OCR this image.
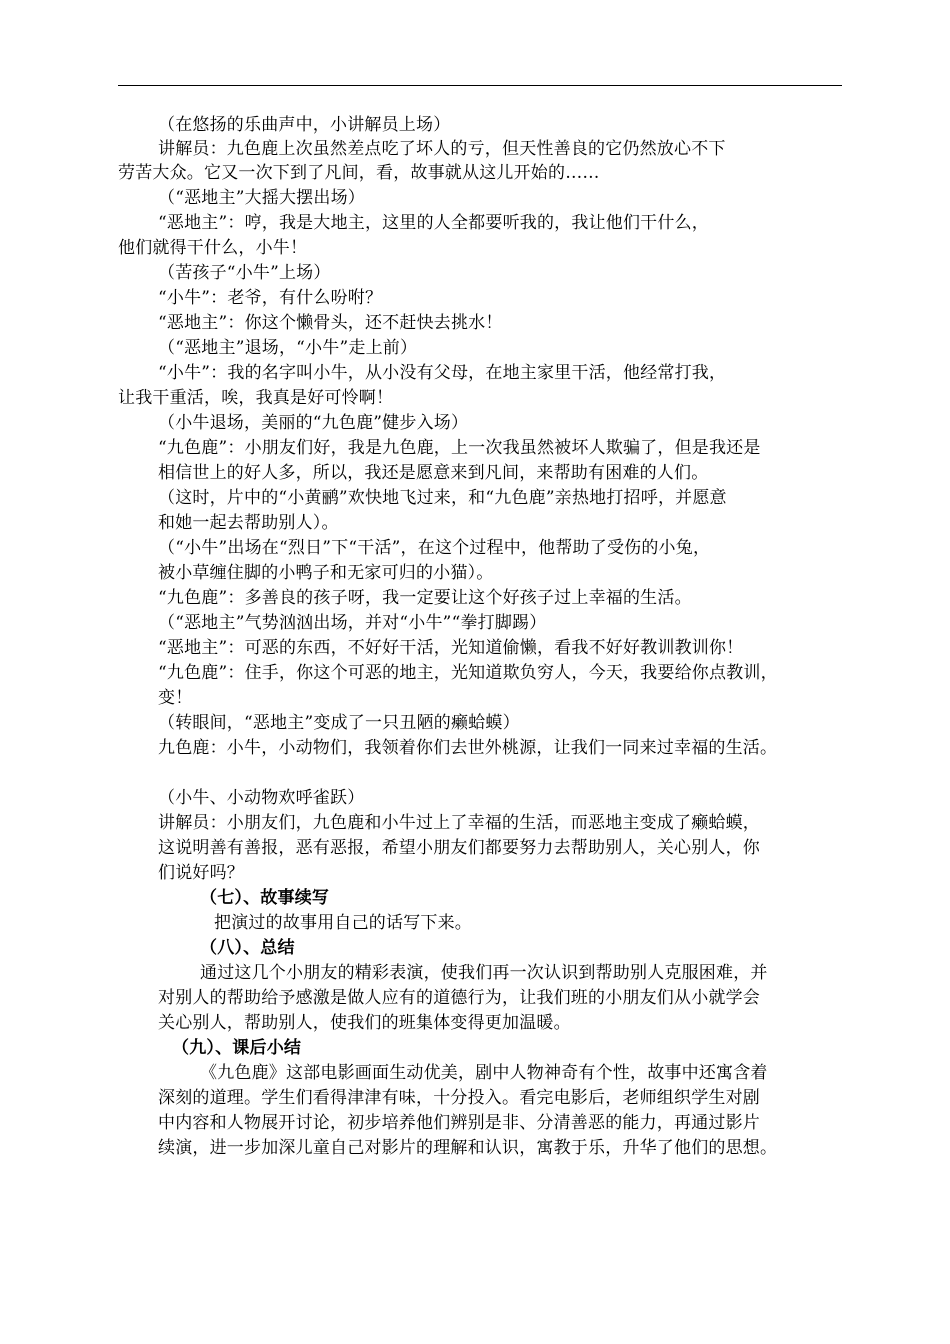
（在悠扬的乐曲声中，小讲解员上场）
讲解员：九色鹿上次虽然差点吃了坏人的亏，但天性善良的它仍然放心不下
劳苦大众。它又一次下到了凡间，看，故事就从这儿开始的……
（“恶地主”大摇大摆出场）
“恶地主”：哼，我是大地主，这里的人全都要听我的，我让他们干什么，
他们就得干什么，小牛！
（苦孩子“小牛”上场）
“小牛”：老爷，有什么吩咐？
“恶地主”：你这个懒骨头，还不赶快去挑水！
（“恶地主”退场，“小牛”走上前）
“小牛”：我的名字叫小牛，从小没有父母，在地主家里干活，他经常打我，
让我干重活，唉，我真是好可怜啊！
（小牛退场，美丽的“九色鹿”健步入场）
“九色鹿”：小朋友们好，我是九色鹿，上一次我虽然被坏人欺骗了，但是我还是
相信世上的好人多，所以，我还是愿意来到凡间，来帮助有困难的人们。
（这时，片中的“小黄鹂”欢快地飞过来，和“九色鹿”亲热地打招呼，并愿意
和她一起去帮助别人）。
（“小牛”出场在“烈日”下“干活”，在这个过程中，他帮助了受伤的小兔，
被小草缠住脚的小鸭子和无家可归的小猫）。
“九色鹿”：多善良的孩子呀，我一定要让这个好孩子过上幸福的生活。
（“恶地主”气势汹汹出场，并对“小牛”“拳打脚踢）
“恶地主”：可恶的东西，不好好干活，光知道偷懒，看我不好好教训教训你！
“九色鹿”：住手，你这个可恶的地主，光知道欺负穷人，今天，我要给你点教训，
变！
（转眼间，“恶地主”变成了一只丑陋的癞蛤蟆）
九色鹿：小牛，小动物们，我领着你们去世外桃源，让我们一同来过幸福的生活。
（小牛、小动物欢呼雀跃）
讲解员：小朋友们，九色鹿和小牛过上了幸福的生活，而恶地主变成了癞蛤蟆，
这说明善有善报，恶有恶报，希望小朋友们都要努力去帮助别人，关心别人，你
们说好吗？
（七）、故事续写
把演过的故事用自己的话写下来。
（八）、总结
通过这几个小朋友的精彩表演，使我们再一次认识到帮助别人克服困难，并
对别人的帮助给予感激是做人应有的道德行为，让我们班的小朋友们从小就学会
关心别人，帮助别人，使我们的班集体变得更加温暖。
（九）、课后小结
《九色鹿》这部电影画面生动优美，剧中人物神奇有个性，故事中还寓含着
深刻的道理。学生们看得津津有味，十分投入。看完电影后，老师组织学生对剧
中内容和人物展开讨论，初步培养他们辨别是非、分清善恶的能力，再通过影片
续演，进一步加深儿童自己对影片的理解和认识，寓教于乐，升华了他们的思想。
